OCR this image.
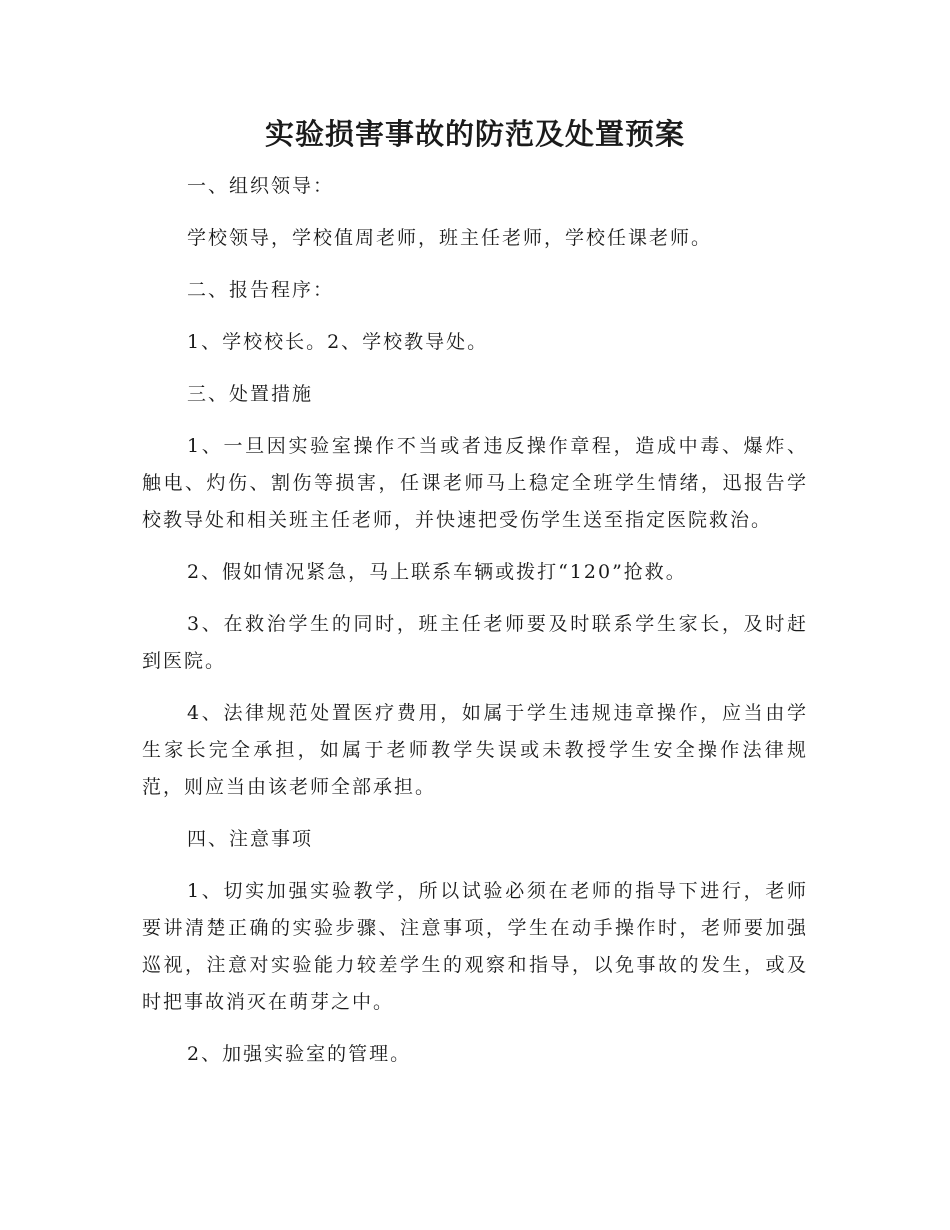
实验损害事故的防范及处置预案

一、组织领导：

学校领导，学校值周老师，班主任老师，学校任课老师。

二、报告程序：

1、学校校长。2、学校教导处。

三、处置措施

1、一旦因实验室操作不当或者违反操作章程，造成中毒、爆炸、触电、灼伤、割伤等损害，任课老师马上稳定全班学生情绪，迅报告学校教导处和相关班主任老师，并快速把受伤学生送至指定医院救治。

2、假如情况紧急，马上联系车辆或拨打“120”抢救。

3、在救治学生的同时，班主任老师要及时联系学生家长，及时赶到医院。

4、法律规范处置医疗费用，如属于学生违规违章操作，应当由学生家长完全承担，如属于老师教学失误或未教授学生安全操作法律规范，则应当由该老师全部承担。

四、注意事项

1、切实加强实验教学，所以试验必须在老师的指导下进行，老师要讲清楚正确的实验步骤、注意事项，学生在动手操作时，老师要加强巡视，注意对实验能力较差学生的观察和指导，以免事故的发生，或及时把事故消灭在萌芽之中。

2、加强实验室的管理。
